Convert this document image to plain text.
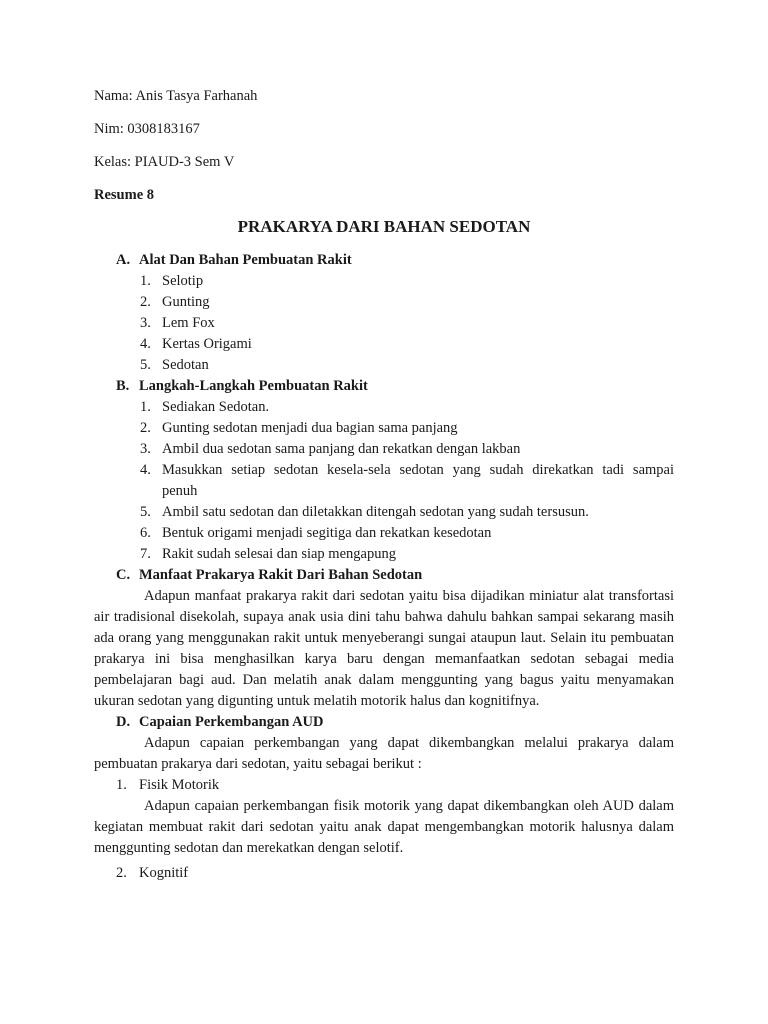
Nama: Anis Tasya Farhanah
Nim: 0308183167
Kelas: PIAUD-3 Sem V
Resume 8
PRAKARYA DARI BAHAN SEDOTAN
A. Alat Dan Bahan Pembuatan Rakit
1. Selotip
2. Gunting
3. Lem Fox
4. Kertas Origami
5. Sedotan
B. Langkah-Langkah Pembuatan Rakit
1. Sediakan Sedotan.
2. Gunting sedotan menjadi dua bagian sama panjang
3. Ambil dua sedotan sama panjang dan rekatkan dengan lakban
4. Masukkan setiap sedotan kesela-sela sedotan yang sudah direkatkan tadi sampai
penuh
5. Ambil satu sedotan dan diletakkan ditengah sedotan yang sudah tersusun.
6. Bentuk origami menjadi segitiga dan rekatkan kesedotan
7. Rakit sudah selesai dan siap mengapung
C. Manfaat Prakarya Rakit Dari Bahan Sedotan
Adapun manfaat prakarya rakit dari sedotan yaitu bisa dijadikan miniatur alat transfortasi air tradisional disekolah, supaya anak usia dini tahu bahwa dahulu bahkan sampai sekarang masih ada orang yang menggunakan rakit untuk menyeberangi sungai ataupun laut. Selain itu pembuatan prakarya ini bisa menghasilkan karya baru dengan memanfaatkan sedotan sebagai media pembelajaran bagi aud. Dan melatih anak dalam menggunting yang bagus yaitu menyamakan ukuran sedotan yang digunting untuk melatih motorik halus dan kognitifnya.
D. Capaian Perkembangan AUD
Adapun capaian perkembangan yang dapat dikembangkan melalui prakarya dalam pembuatan prakarya dari sedotan, yaitu sebagai berikut :
1. Fisik Motorik
Adapun capaian perkembangan fisik motorik yang dapat dikembangkan oleh AUD dalam kegiatan membuat rakit dari sedotan yaitu anak dapat mengembangkan motorik halusnya dalam menggunting sedotan dan merekatkan dengan selotif.
2. Kognitif
